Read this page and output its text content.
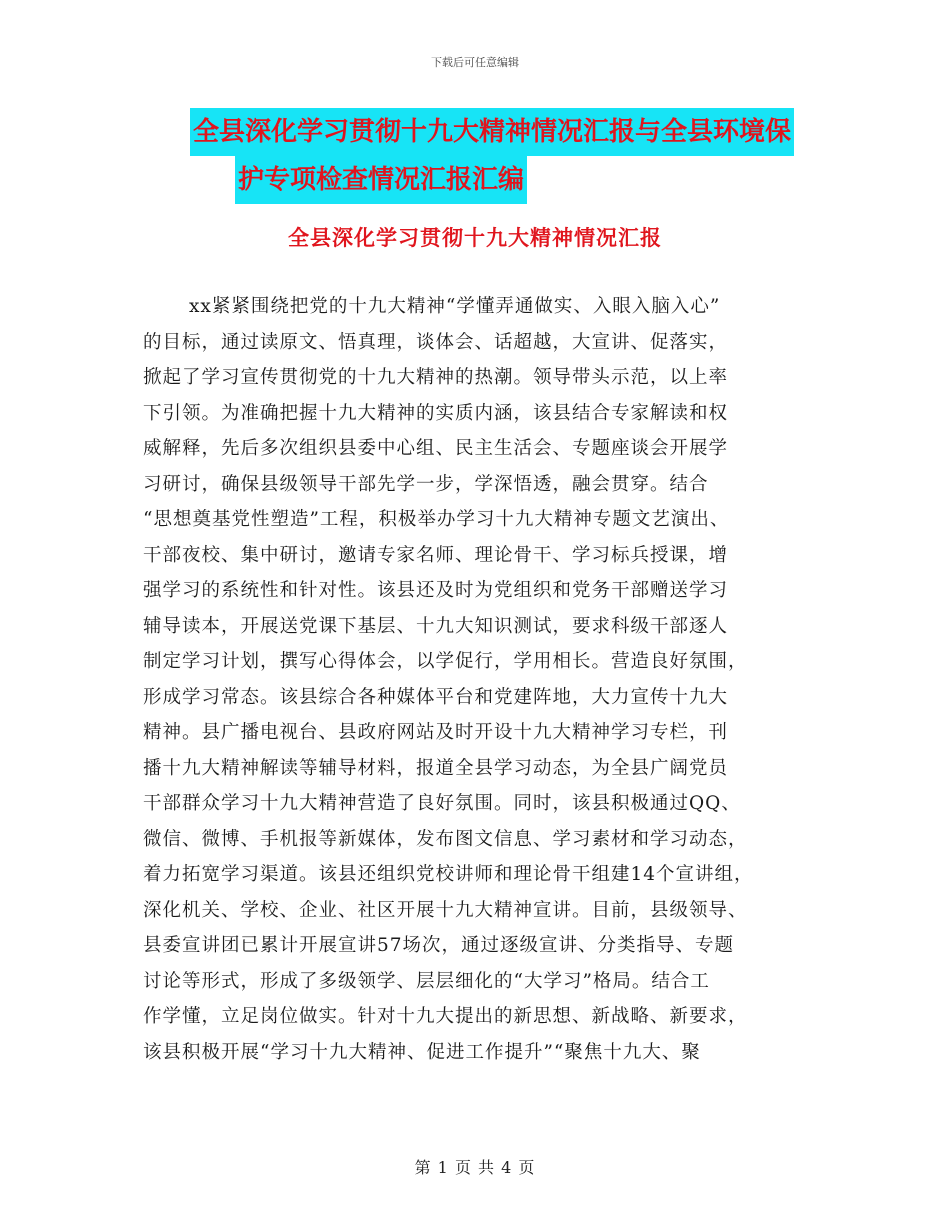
下载后可任意编辑
全县深化学习贯彻十九大精神情况汇报与全县环境保
护专项检查情况汇报汇编
全县深化学习贯彻十九大精神情况汇报
xx紧紧围绕把党的十九大精神“学懂弄通做实、入眼入脑入心”
的目标，通过读原文、悟真理，谈体会、话超越，大宣讲、促落实，
掀起了学习宣传贯彻党的十九大精神的热潮。领导带头示范，以上率
下引领。为准确把握十九大精神的实质内涵，该县结合专家解读和权
威解释，先后多次组织县委中心组、民主生活会、专题座谈会开展学
习研讨，确保县级领导干部先学一步，学深悟透，融会贯穿。结合
“思想奠基党性塑造”工程，积极举办学习十九大精神专题文艺演出、
干部夜校、集中研讨，邀请专家名师、理论骨干、学习标兵授课，增
强学习的系统性和针对性。该县还及时为党组织和党务干部赠送学习
辅导读本，开展送党课下基层、十九大知识测试，要求科级干部逐人
制定学习计划，撰写心得体会，以学促行，学用相长。营造良好氛围，
形成学习常态。该县综合各种媒体平台和党建阵地，大力宣传十九大
精神。县广播电视台、县政府网站及时开设十九大精神学习专栏，刊
播十九大精神解读等辅导材料，报道全县学习动态，为全县广阔党员
干部群众学习十九大精神营造了良好氛围。同时，该县积极通过QQ、
微信、微博、手机报等新媒体，发布图文信息、学习素材和学习动态，
着力拓宽学习渠道。该县还组织党校讲师和理论骨干组建14个宣讲组，
深化机关、学校、企业、社区开展十九大精神宣讲。目前，县级领导、
县委宣讲团已累计开展宣讲57场次，通过逐级宣讲、分类指导、专题
讨论等形式，形成了多级领学、层层细化的“大学习”格局。结合工
作学懂，立足岗位做实。针对十九大提出的新思想、新战略、新要求，
该县积极开展“学习十九大精神、促进工作提升”“聚焦十九大、聚
第 1 页 共 4 页
